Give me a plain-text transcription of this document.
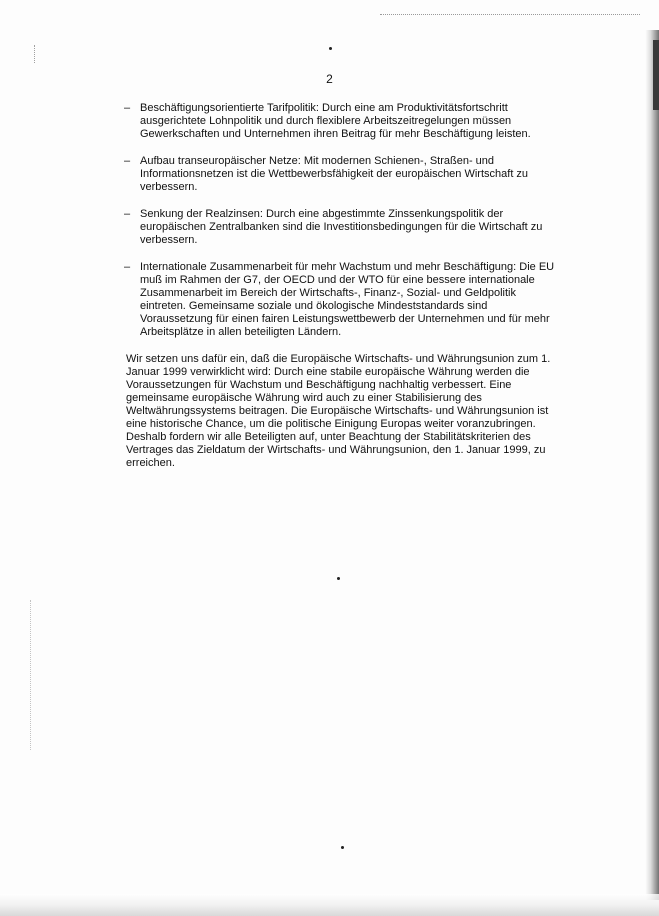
2
– Beschäftigungsorientierte Tarifpolitik: Durch eine am Produktivitätsfortschritt ausgerichtete Lohnpolitik und durch flexiblere Arbeitszeitregelungen müssen Gewerkschaften und Unternehmen ihren Beitrag für mehr Beschäftigung leisten.
– Aufbau transeuropäischer Netze: Mit modernen Schienen-, Straßen- und Informationsnetzen ist die Wettbewerbsfähigkeit der europäischen Wirtschaft zu verbessern.
– Senkung der Realzinsen: Durch eine abgestimmte Zinssenkungspolitik der europäischen Zentralbanken sind die Investitionsbedingungen für die Wirtschaft zu verbessern.
– Internationale Zusammenarbeit für mehr Wachstum und mehr Beschäftigung: Die EU muß im Rahmen der G7, der OECD und der WTO für eine bessere internationale Zusammenarbeit im Bereich der Wirtschafts-, Finanz-, Sozial- und Geldpolitik eintreten. Gemeinsame soziale und ökologische Mindeststandards sind Voraussetzung für einen fairen Leistungswettbewerb der Unternehmen und für mehr Arbeitsplätze in allen beteiligten Ländern.

Wir setzen uns dafür ein, daß die Europäische Wirtschafts- und Währungsunion zum 1. Januar 1999 verwirklicht wird: Durch eine stabile europäische Währung werden die Voraussetzungen für Wachstum und Beschäftigung nachhaltig verbessert. Eine gemeinsame europäische Währung wird auch zu einer Stabilisierung des Weltwährungssystems beitragen. Die Europäische Wirtschafts- und Währungsunion ist eine historische Chance, um die politische Einigung Europas weiter voranzubringen. Deshalb fordern wir alle Beteiligten auf, unter Beachtung der Stabilitätskriterien des Vertrages das Zieldatum der Wirtschafts- und Währungsunion, den 1. Januar 1999, zu erreichen.
